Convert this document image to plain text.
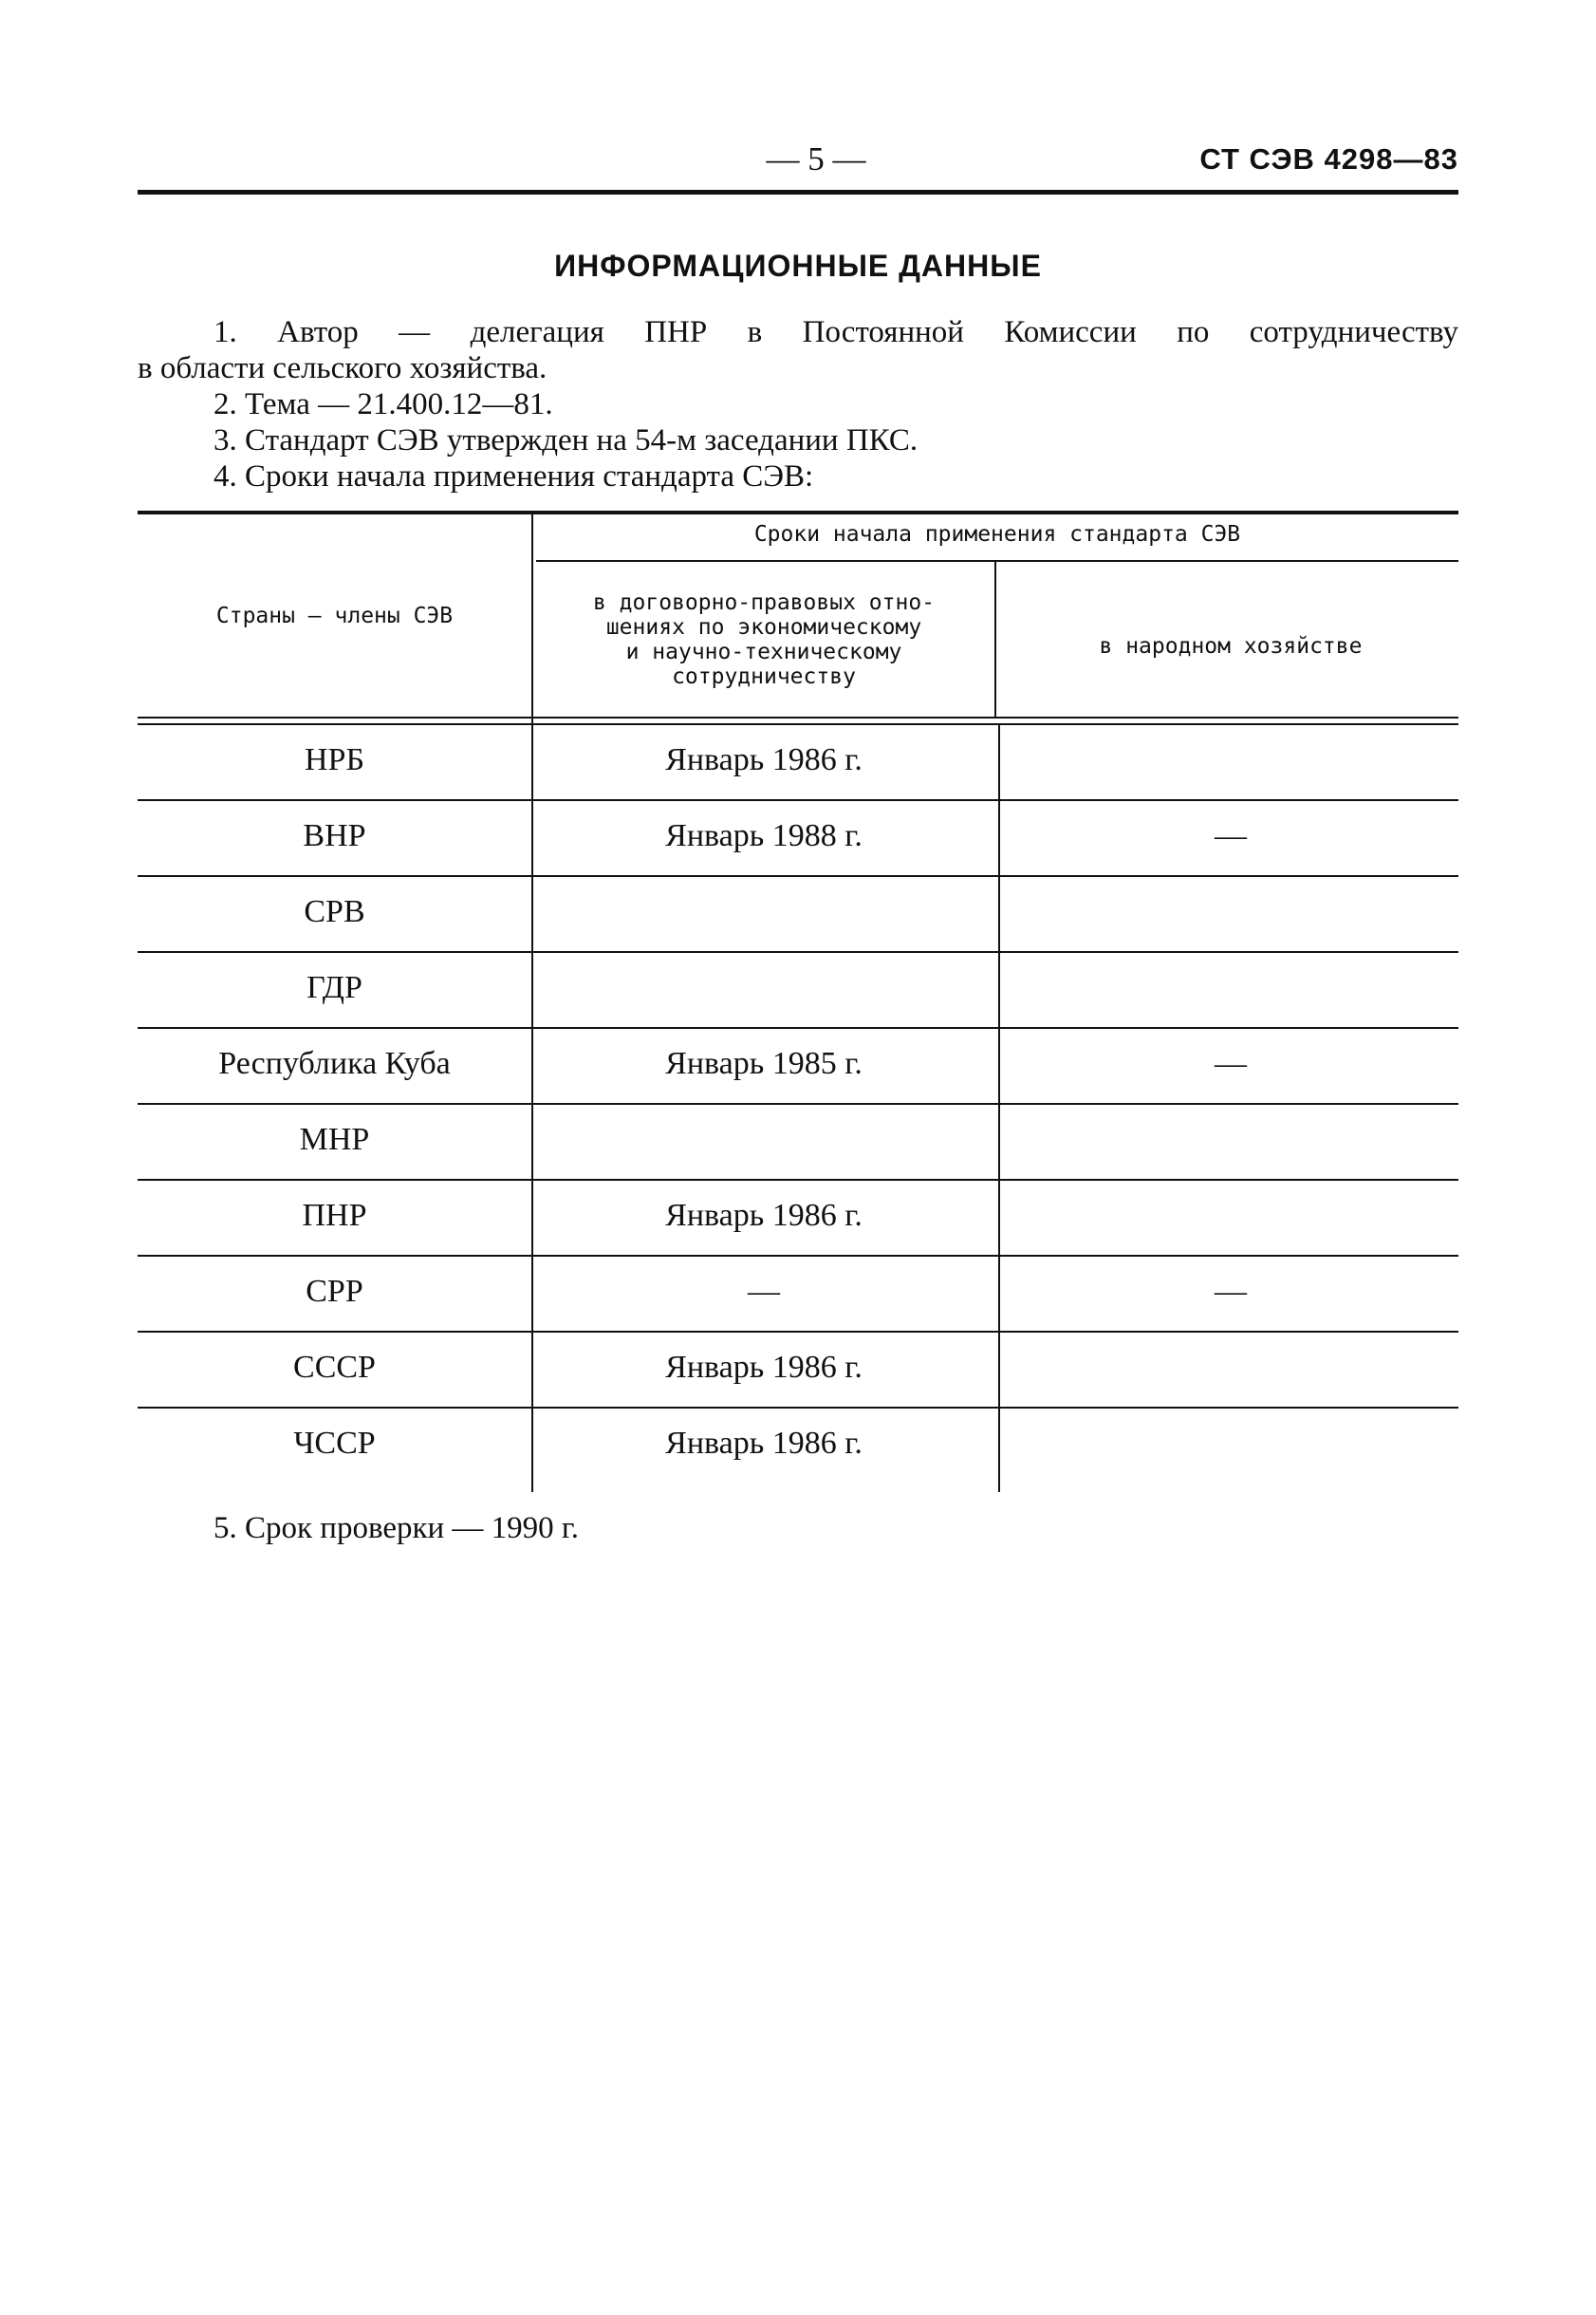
— 5 —	СТ СЭВ 4298—83
ИНФОРМАЦИОННЫЕ ДАННЫЕ
1. Автор — делегация ПНР в Постоянной Комиссии по сотрудничеству
в области сельского хозяйства.
2. Тема — 21.400.12—81.
3. Стандарт СЭВ утвержден на 54-м заседании ПКС.
4. Сроки начала применения стандарта СЭВ:
Страны — члены СЭВ
Сроки начала применения стандарта СЭВ
в договорно-правовых отно-
шениях по экономическому
и научно-техническому
сотрудничеству
в народном хозяйстве
НРБ	Январь 1986 г.
ВНР	Январь 1988 г.	—
СРВ
ГДР
Республика Куба	Январь 1985 г.	—
МНР
ПНР	Январь 1986 г.
СРР	—	—
СССР	Январь 1986 г.
ЧССР	Январь 1986 г.
5. Срок проверки — 1990 г.
